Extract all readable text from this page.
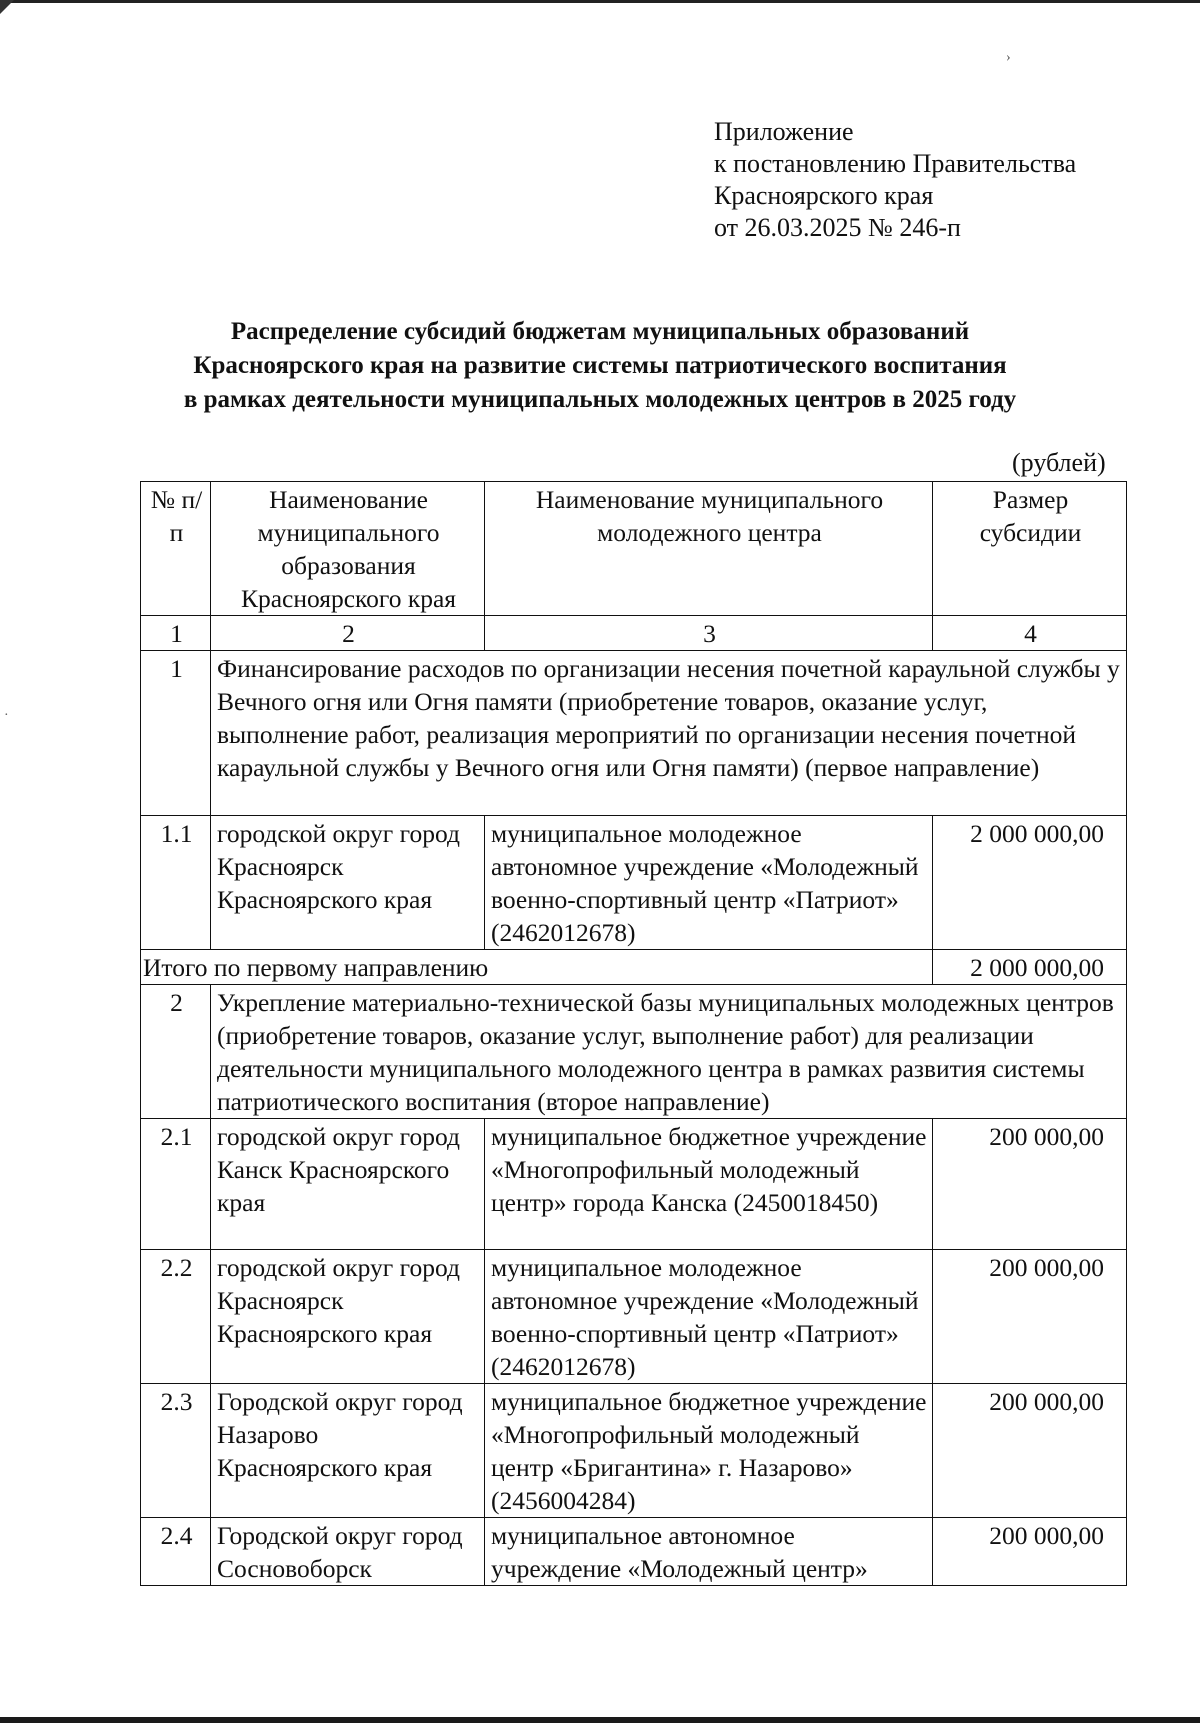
›
·
Приложение
к постановлению Правительства
Красноярского края
от 26.03.2025 № 246-п
Распределение субсидий бюджетам муниципальных образований
Красноярского края на развитие системы патриотического воспитания
в рамках деятельности муниципальных молодежных центров в 2025 году
(рублей)
№ п/п	Наименование муниципального образования Красноярского края	Наименование муниципального молодежного центра	Размер субсидии
1	2	3	4
1	Финансирование расходов по организации несения почетной караульной службы у Вечного огня или Огня памяти (приобретение товаров, оказание услуг, выполнение работ, реализация мероприятий по организации несения почетной караульной службы у Вечного огня или Огня памяти) (первое направление)		
1.1	городской округ город Красноярск Красноярского края	муниципальное молодежное автономное учреждение «Молодежный военно-спортивный центр «Патриот» (2462012678)	2 000 000,00
Итого по первому направлению			2 000 000,00
2	Укрепление материально-технической базы муниципальных молодежных центров (приобретение товаров, оказание услуг, выполнение работ) для реализации деятельности муниципального молодежного центра в рамках развития системы патриотического воспитания (второе направление)		
2.1	городской округ город Канск Красноярского края	муниципальное бюджетное учреждение «Многопрофильный молодежный центр» города Канска (2450018450)	200 000,00
2.2	городской округ город Красноярск Красноярского края	муниципальное молодежное автономное учреждение «Молодежный военно-спортивный центр «Патриот» (2462012678)	200 000,00
2.3	Городской округ город Назарово Красноярского края	муниципальное бюджетное учреждение «Многопрофильный молодежный центр «Бригантина» г. Назарово» (2456004284)	200 000,00
2.4	Городской округ город Сосновоборск	муниципальное автономное учреждение «Молодежный центр»	200 000,00
